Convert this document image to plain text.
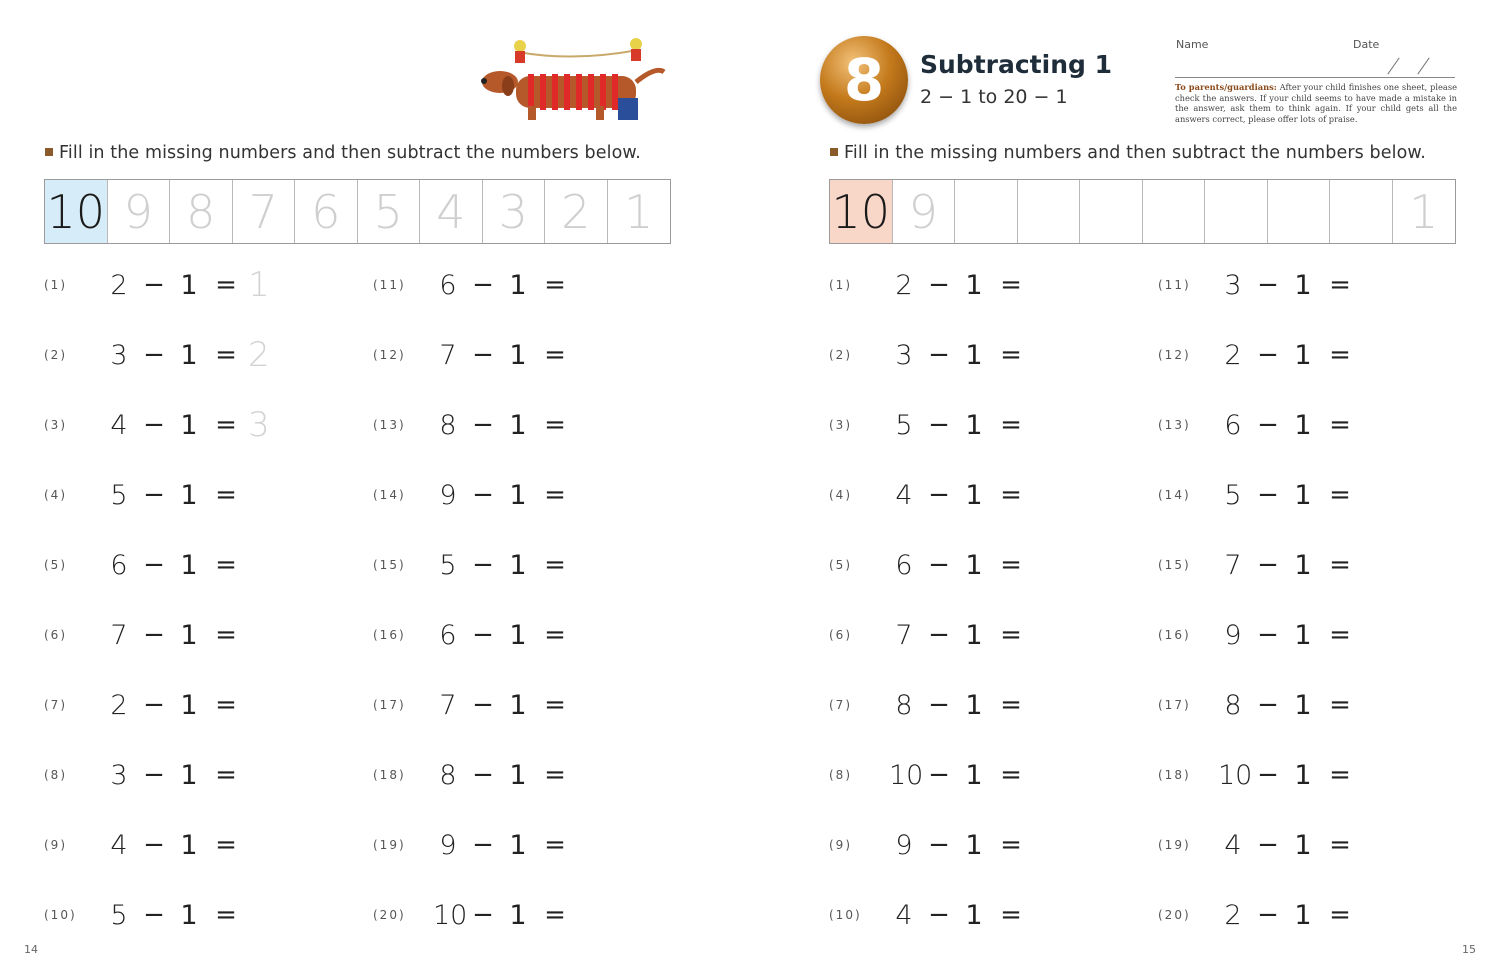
Fill in the missing numbers and then subtract the numbers below.
10 9 8 7 6 5 4 3 2 1
(1)	2 − 1 = 1
(2)	3 − 1 = 2
(3)	4 − 1 = 3
(4)	5 − 1 =
(5)	6 − 1 =
(6)	7 − 1 =
(7)	2 − 1 =
(8)	3 − 1 =
(9)	4 − 1 =
(10)	5 − 1 =
(11)	6 − 1 =
(12)	7 − 1 =
(13)	8 − 1 =
(14)	9 − 1 =
(15)	5 − 1 =
(16)	6 − 1 =
(17)	7 − 1 =
(18)	8 − 1 =
(19)	9 − 1 =
(20)	10 − 1 =
14
8	Subtracting 1
2 − 1 to 20 − 1
Name	Date
To parents/guardians: After your child finishes one sheet, please check the answers. If your child seems to have made a mistake in the answer, ask them to think again. If your child gets all the answers correct, please offer lots of praise.
Fill in the missing numbers and then subtract the numbers below.
10 9	1
(1)	2 − 1 =
(2)	3 − 1 =
(3)	5 − 1 =
(4)	4 − 1 =
(5)	6 − 1 =
(6)	7 − 1 =
(7)	8 − 1 =
(8)	10 − 1 =
(9)	9 − 1 =
(10)	4 − 1 =
(11)	3 − 1 =
(12)	2 − 1 =
(13)	6 − 1 =
(14)	5 − 1 =
(15)	7 − 1 =
(16)	9 − 1 =
(17)	8 − 1 =
(18)	10 − 1 =
(19)	4 − 1 =
(20)	2 − 1 =
15
